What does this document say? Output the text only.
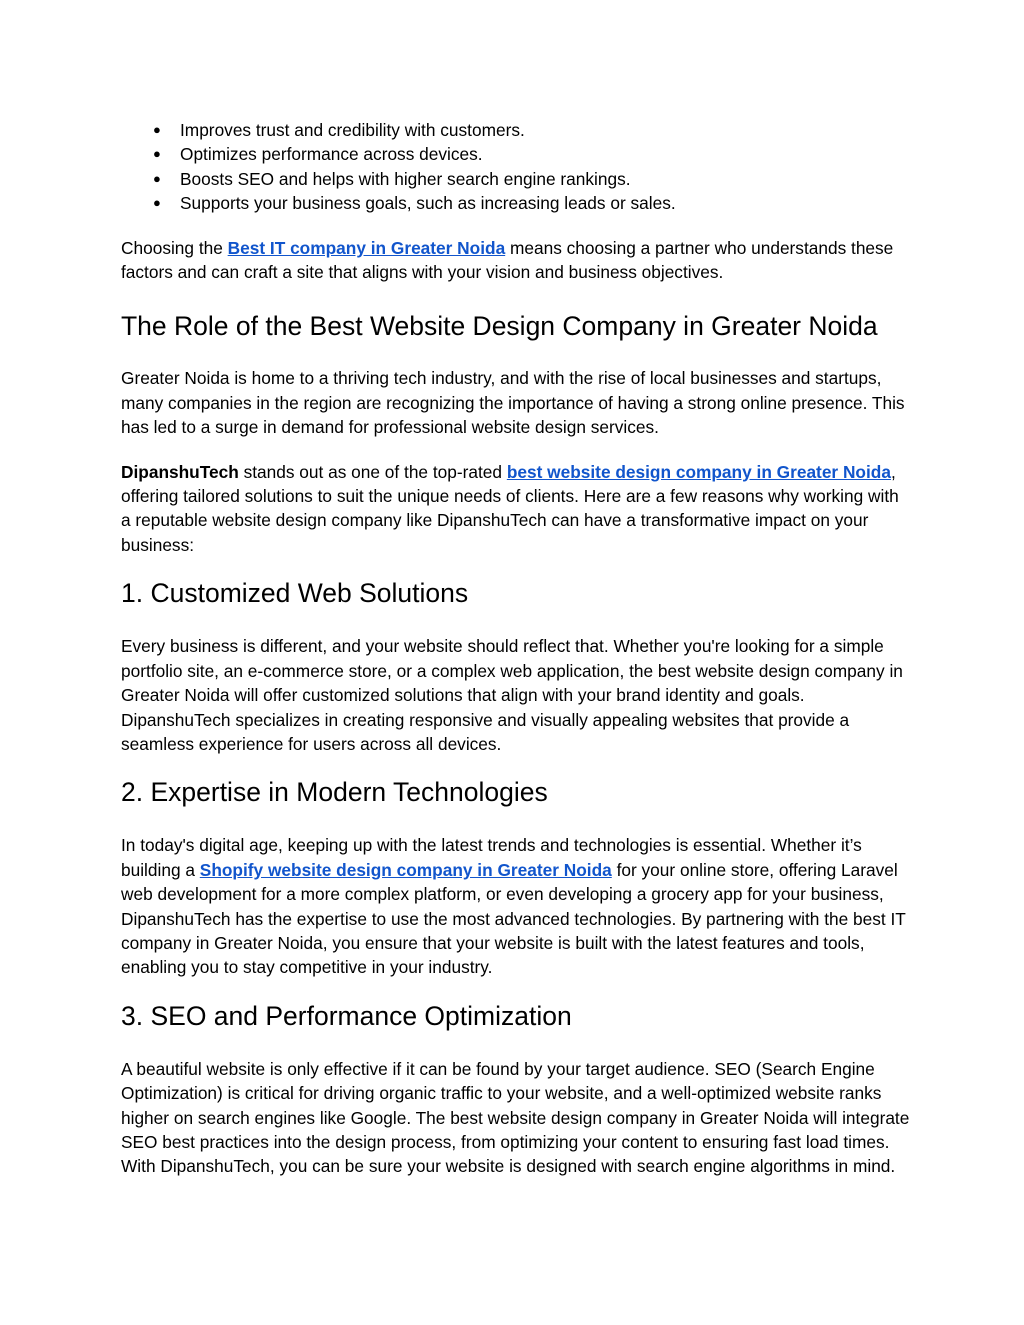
● Improves trust and credibility with customers.
● Optimizes performance across devices.
● Boosts SEO and helps with higher search engine rankings.
● Supports your business goals, such as increasing leads or sales.

Choosing the Best IT company in Greater Noida means choosing a partner who understands these factors and can craft a site that aligns with your vision and business objectives.

The Role of the Best Website Design Company in Greater Noida

Greater Noida is home to a thriving tech industry, and with the rise of local businesses and startups, many companies in the region are recognizing the importance of having a strong online presence. This has led to a surge in demand for professional website design services.

DipanshuTech stands out as one of the top-rated best website design company in Greater Noida, offering tailored solutions to suit the unique needs of clients. Here are a few reasons why working with a reputable website design company like DipanshuTech can have a transformative impact on your business:

1. Customized Web Solutions

Every business is different, and your website should reflect that. Whether you're looking for a simple portfolio site, an e-commerce store, or a complex web application, the best website design company in Greater Noida will offer customized solutions that align with your brand identity and goals. DipanshuTech specializes in creating responsive and visually appealing websites that provide a seamless experience for users across all devices.

2. Expertise in Modern Technologies

In today's digital age, keeping up with the latest trends and technologies is essential. Whether it’s building a Shopify website design company in Greater Noida for your online store, offering Laravel web development for a more complex platform, or even developing a grocery app for your business, DipanshuTech has the expertise to use the most advanced technologies. By partnering with the best IT company in Greater Noida, you ensure that your website is built with the latest features and tools, enabling you to stay competitive in your industry.

3. SEO and Performance Optimization

A beautiful website is only effective if it can be found by your target audience. SEO (Search Engine Optimization) is critical for driving organic traffic to your website, and a well-optimized website ranks higher on search engines like Google. The best website design company in Greater Noida will integrate SEO best practices into the design process, from optimizing your content to ensuring fast load times. With DipanshuTech, you can be sure your website is designed with search engine algorithms in mind.
